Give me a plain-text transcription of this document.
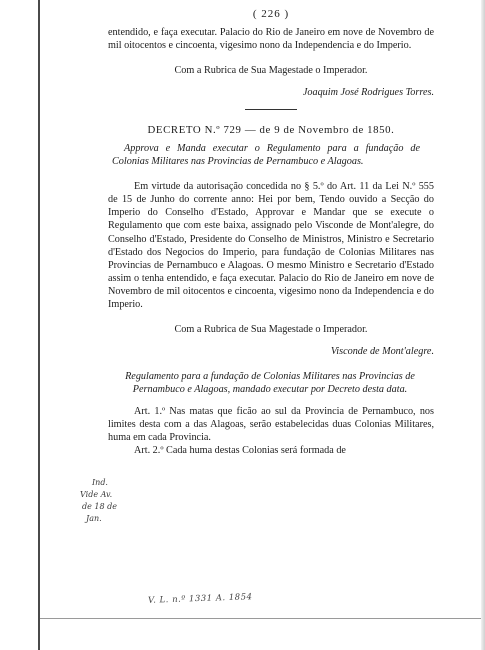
( 226 )

entendido, e faça executar. Palacio do Rio de Janeiro em nove de Novembro de mil oitocentos e cincoenta, vigesimo nono da Independencia e do Imperio.

Com a Rubrica de Sua Magestade o Imperador.

Joaquim José Rodrigues Torres.

DECRETO N.º 729 — de 9 de Novembro de 1850.

Approva e Manda executar o Regulamento para a fundação de Colonias Militares nas Provincias de Pernambuco e Alagoas.

Em virtude da autorisação concedida no § 5.º do Art. 11 da Lei N.º 555 de 15 de Junho do corrente anno: Hei por bem, Tendo ouvido a Secção do Imperio do Conselho d'Estado, Approvar e Mandar que se execute o Regulamento que com este baixa, assignado pelo Visconde de Mont'alegre, do Conselho d'Estado, Presidente do Conselho de Ministros, Ministro e Secretario d'Estado dos Negocios do Imperio, para fundação de Colonias Militares nas Provincias de Pernambuco e Alagoas. O mesmo Ministro e Secretario d'Estado assim o tenha entendido, e faça executar. Palacio do Rio de Janeiro em nove de Novembro de mil oitocentos e cincoenta, vigesimo nono da Independencia e do Imperio.

Com a Rubrica de Sua Magestade o Imperador.

Visconde de Mont'alegre.

Regulamento para a fundação de Colonias Militares nas Provincias de Pernambuco e Alagoas, mandado executar por Decreto desta data.

Art. 1.º Nas matas que ficão ao sul da Provincia de Pernambuco, nos limites desta com a das Alagoas, serão estabelecidas duas Colonias Militares, huma em cada Provincia.

Art. 2.º Cada huma destas Colonias será formada de

Ind.
Vide Av.
de 18 de
Jan.
V. L. n.º 1331 A. 1854
